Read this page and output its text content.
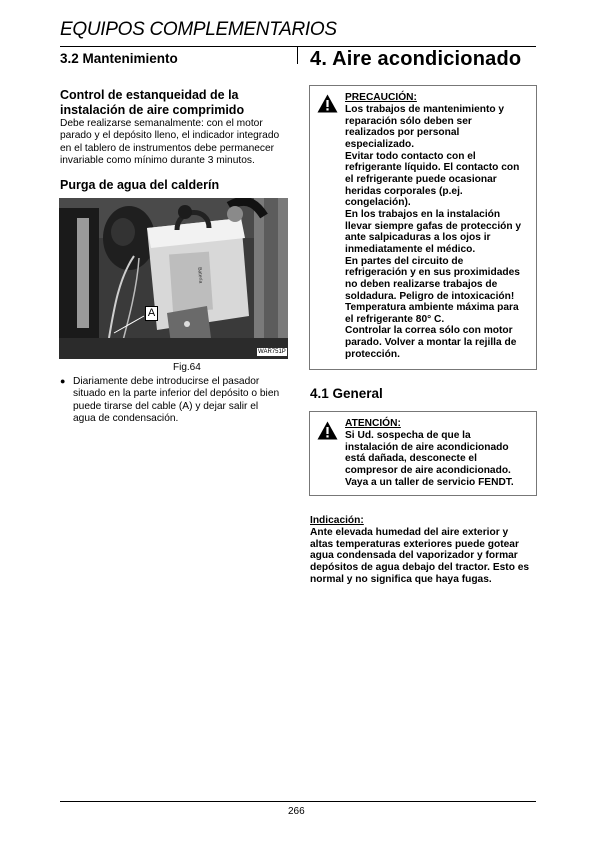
EQUIPOS COMPLEMENTARIOS
3.2 Mantenimiento
Control de estanqueidad de la instalación de aire comprimido
Debe realizarse semanalmente: con el motor
parado y el depósito lleno, el indicador integrado
en el tablero de instrumentos debe permanecer
invariable como mínimo durante 3 minutos.
Purga de agua del calderín
Batería
A
WAR751P
Fig.64
● Diariamente debe introducirse el pasador
situado en la parte inferior del depósito o bien
puede tirarse del cable (A) y dejar salir el
agua de condensación.
4. Aire acondicionado
PRECAUCIÓN:
Los trabajos de mantenimiento y
reparación sólo deben ser
realizados por personal
especializado.
Evitar todo contacto con el
refrigerante líquido. El contacto con
el refrigerante puede ocasionar
heridas corporales (p.ej.
congelación).
En los trabajos en la instalación
llevar siempre gafas de protección y
ante salpicaduras a los ojos ir
inmediatamente el médico.
En partes del circuito de
refrigeración y en sus proximidades
no deben realizarse trabajos de
soldadura. Peligro de intoxicación!
Temperatura ambiente máxima para
el refrigerante 80° C.
Controlar la correa sólo con motor
parado. Volver a montar la rejilla de
protección.
4.1 General
ATENCIÓN:
Si Ud. sospecha de que la
instalación de aire acondicionado
está dañada, desconecte el
compresor de aire acondicionado.
Vaya a un taller de servicio FENDT.
Indicación:
Ante elevada humedad del aire exterior y
altas temperaturas exteriores puede gotear
agua condensada del vaporizador y formar
depósitos de agua debajo del tractor. Esto es
normal y no significa que haya fugas.
266
